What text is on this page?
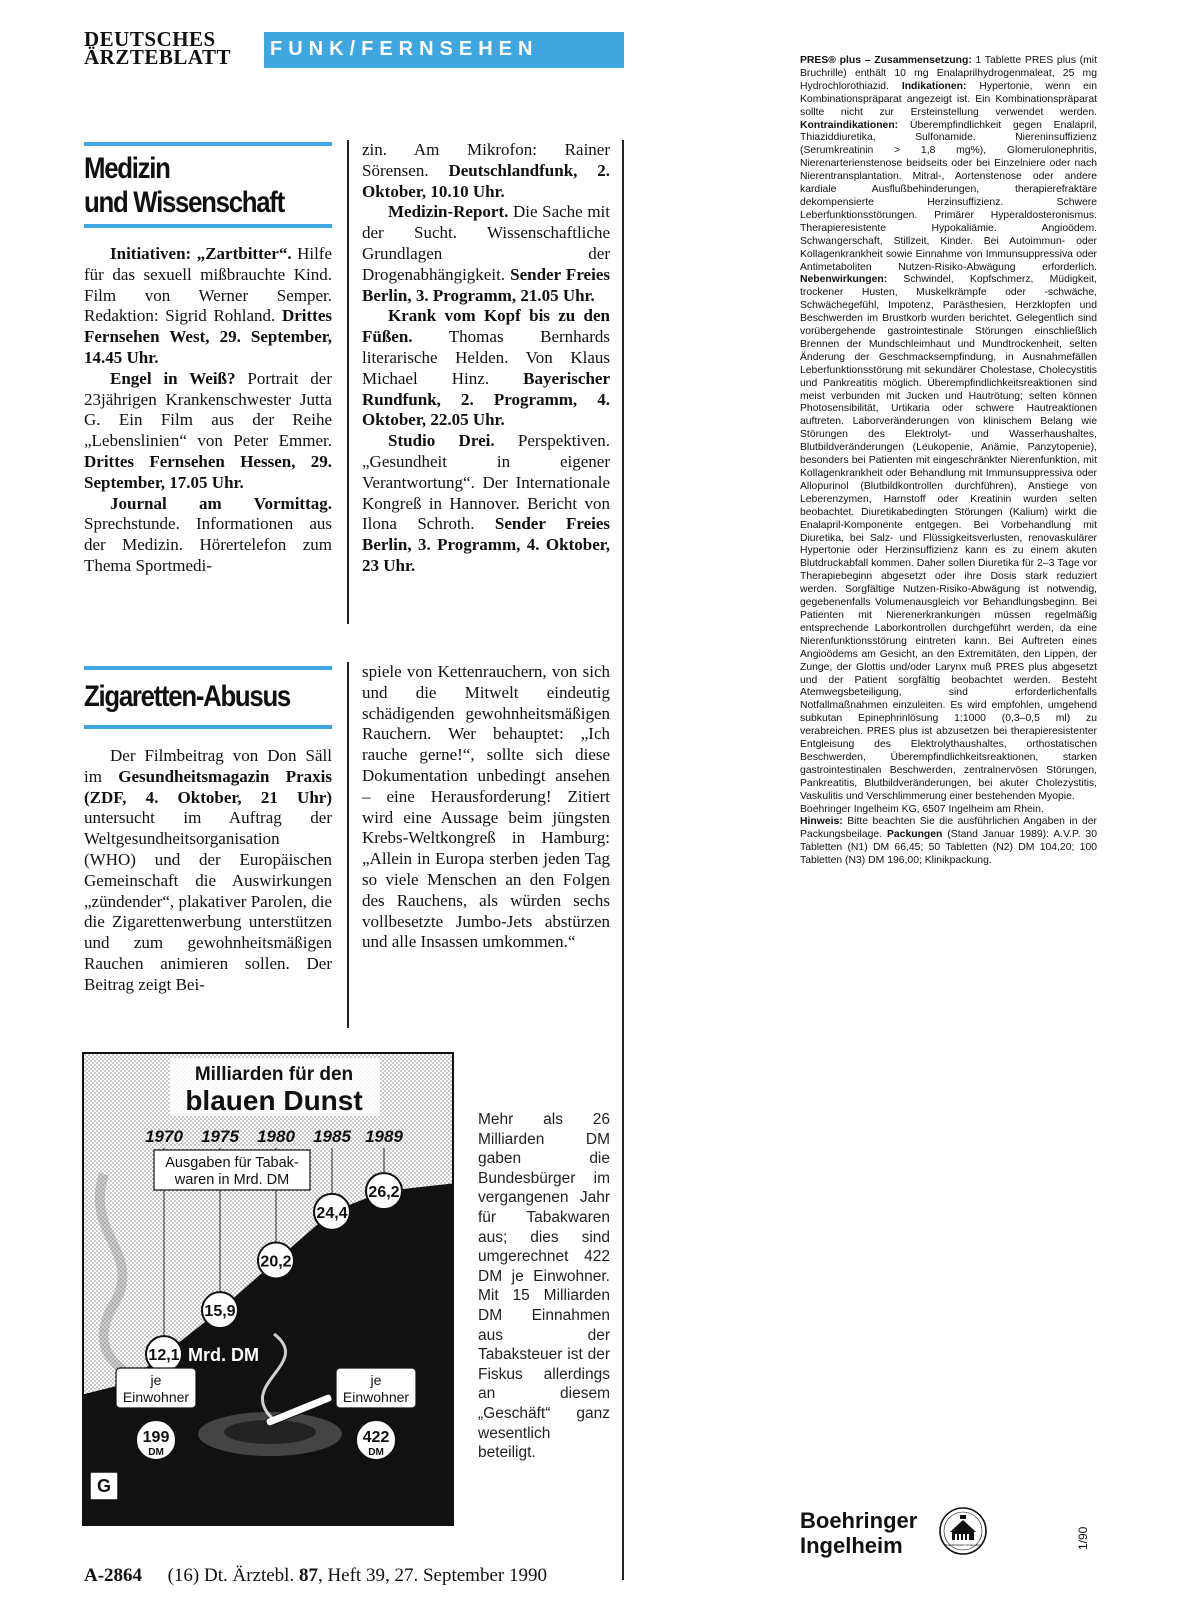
DEUTSCHES
ÄRZTEBLATT	FUNK/FERNSEHEN
Medizin
und Wissenschaft

Initiativen: „Zartbitter“. Hilfe für das sexuell mißbrauchte Kind. Film von Werner Semper. Redaktion: Sigrid Rohland. Drittes Fernsehen West, 29. September, 14.45 Uhr.

Engel in Weiß? Portrait der 23jährigen Krankenschwester Jutta G. Ein Film aus der Reihe „Lebenslinien“ von Peter Emmer. Drittes Fernsehen Hessen, 29. September, 17.05 Uhr.

Journal am Vormittag. Sprechstunde. Informationen aus der Medizin. Hörertelefon zum Thema Sportmedi-

zin. Am Mikrofon: Rainer Sörensen. Deutschlandfunk, 2. Oktober, 10.10 Uhr.

Medizin-Report. Die Sache mit der Sucht. Wissenschaftliche Grundlagen der Drogenabhängigkeit. Sender Freies Berlin, 3. Programm, 21.05 Uhr.

Krank vom Kopf bis zu den Füßen. Thomas Bernhards literarische Helden. Von Klaus Michael Hinz. Bayerischer Rundfunk, 2. Programm, 4. Oktober, 22.05 Uhr.

Studio Drei. Perspektiven. „Gesundheit in eigener Verantwortung“. Der Internationale Kongreß in Hannover. Bericht von Ilona Schroth. Sender Freies Berlin, 3. Programm, 4. Oktober, 23 Uhr.

Zigaretten-Abusus

Der Filmbeitrag von Don Säll im Gesundheitsmagazin Praxis (ZDF, 4. Oktober, 21 Uhr) untersucht im Auftrag der Weltgesundheitsorganisation (WHO) und der Europäischen Gemeinschaft die Auswirkungen „zündender“, plakativer Parolen, die die Zigarettenwerbung unterstützen und zum gewohnheitsmäßigen Rauchen animieren sollen. Der Beitrag zeigt Bei-

spiele von Kettenrauchern, von sich und die Mitwelt eindeutig schädigenden gewohnheitsmäßigen Rauchern. Wer behauptet: „Ich rauche gerne!“, sollte sich diese Dokumentation unbedingt ansehen – eine Herausforderung! Zitiert wird eine Aussage beim jüngsten Krebs-Weltkongreß in Hamburg: „Allein in Europa sterben jeden Tag so viele Menschen an den Folgen des Rauchens, als würden sechs vollbesetzte Jumbo-Jets abstürzen und alle Insassen umkommen.“
Milliarden für den
blauen Dunst
12,1
15,9
20,2
24,4
26,2
Mrd. DM
1989
1985
1980
1975
1970
Ausgaben für Tabak-
waren in Mrd. DM
je
Einwohner
je
Einwohner
199
DM
422
DM
G
8408 © Globus	Quelle: Stat. Bundesamt
Mehr als 26 Milliarden DM gaben die Bundesbürger im vergangenen Jahr für Tabakwaren aus; dies sind umgerechnet 422 DM je Einwohner. Mit 15 Milliarden DM Einnahmen aus der Tabaksteuer ist der Fiskus allerdings an diesem „Geschäft“ ganz wesentlich beteiligt.
A-2864 (16) Dt. Ärztebl. 87, Heft 39, 27. September 1990

PRES® plus – Zusammensetzung: 1 Tablette PRES plus (mit Bruchrille) enthält 10 mg Enalaprilhydrogenmaleat, 25 mg Hydrochlorothiazid. Indikationen: Hypertonie, wenn ein Kombinationspräparat angezeigt ist. Ein Kombinationspräparat sollte nicht zur Ersteinstellung verwendet werden. Kontraindikationen: Überempfindlichkeit gegen Enalapril, Thiaziddiuretika, Sulfonamide. Niereninsuffizienz (Serumkreatinin > 1,8 mg%), Glomerulonephritis, Nierenarterienstenose beidseits oder bei Einzelniere oder nach Nierentransplantation. Mitral-, Aortenstenose oder andere kardiale Ausflußbehinderungen, therapierefraktäre dekompensierte Herzinsuffizienz. Schwere Leberfunktionsstörungen. Primärer Hyperaldosteronismus. Therapieresistente Hypokaliämie. Angioödem. Schwangerschaft, Stillzeit, Kinder. Bei Autoimmun- oder Kollagenkrankheit sowie Einnahme von Immunsuppressiva oder Antimetaboliten Nutzen-Risiko-Abwägung erforderlich. Nebenwirkungen: Schwindel, Kopfschmerz, Müdigkeit, trockener Husten, Muskelkrämpfe oder -schwäche, Schwächegefühl, Impotenz, Parästhesien, Herzklopfen und Beschwerden im Brustkorb wurden berichtet. Gelegentlich sind vorübergehende gastrointestinale Störungen einschließlich Brennen der Mundschleimhaut und Mundtrockenheit, selten Änderung der Geschmacksempfindung, in Ausnahmefällen Leberfunktionsstörung mit sekundärer Cholestase, Cholecystitis und Pankreatitis möglich. Überempfindlichkeitsreaktionen sind meist verbunden mit Jucken und Hautrötung; selten können Photosensibilität, Urtikaria oder schwere Hautreaktionen auftreten. Laborveränderungen von klinischem Belang wie Störungen des Elektrolyt- und Wasserhaushaltes, Blutbildveränderungen (Leukopenie, Anämie, Panzytopenie), besonders bei Patienten mit eingeschränkter Nierenfunktion, mit Kollagenkrankheit oder Behandlung mit Immunsuppressiva oder Allopurinol (Blutbildkontrollen durchführen), Anstiege von Leberenzymen, Harnstoff oder Kreatinin wurden selten beobachtet. Diuretikabedingten Störungen (Kalium) wirkt die Enalapril-Komponente entgegen. Bei Vorbehandlung mit Diuretika, bei Salz- und Flüssigkeitsverlusten, renovaskulärer Hypertonie oder Herzinsuffizienz kann es zu einem akuten Blutdruckabfall kommen. Daher sollen Diuretika für 2–3 Tage vor Therapiebeginn abgesetzt oder ihre Dosis stark reduziert werden. Sorgfältige Nutzen-Risiko-Abwägung ist notwendig, gegebenenfalls Volumenausgleich vor Behandlungsbeginn. Bei Patienten mit Nierenerkrankungen müssen regelmäßig entsprechende Laborkontrollen durchgeführt werden, da eine Nierenfunktionsstörung eintreten kann. Bei Auftreten eines Angioödems am Gesicht, an den Extremitäten, den Lippen, der Zunge, der Glottis und/oder Larynx muß PRES plus abgesetzt und der Patient sorgfältig beobachtet werden. Besteht Atemwegsbeteiligung, sind erforderlichenfalls Notfallmaßnahmen einzuleiten. Es wird empfohlen, umgehend subkutan Epinephrinlösung 1:1000 (0,3–0,5 ml) zu verabreichen. PRES plus ist abzusetzen bei therapieresistenter Entgleisung des Elektrolythaushaltes, orthostatischen Beschwerden, Überempfindlichkeitsreaktionen, starken gastrointestinalen Beschwerden, zentralnervösen Störungen, Pankreatitis, Blutbildveränderungen, bei akuter Cholezystitis, Vaskulitis und Verschlimmerung einer bestehenden Myopie.

Boehringer Ingelheim KG, 6507 Ingelheim am Rhein.

Hinweis: Bitte beachten Sie die ausführlichen Angaben in der Packungsbeilage. Packungen (Stand Januar 1989): A.V.P. 30 Tabletten (N1) DM 66,45; 50 Tabletten (N2) DM 104,20; 100 Tabletten (N3) DM 196,00; Klinikpackung.

Boehringer
Ingelheim	BOEHRINGER INGELHEIM	1/90
